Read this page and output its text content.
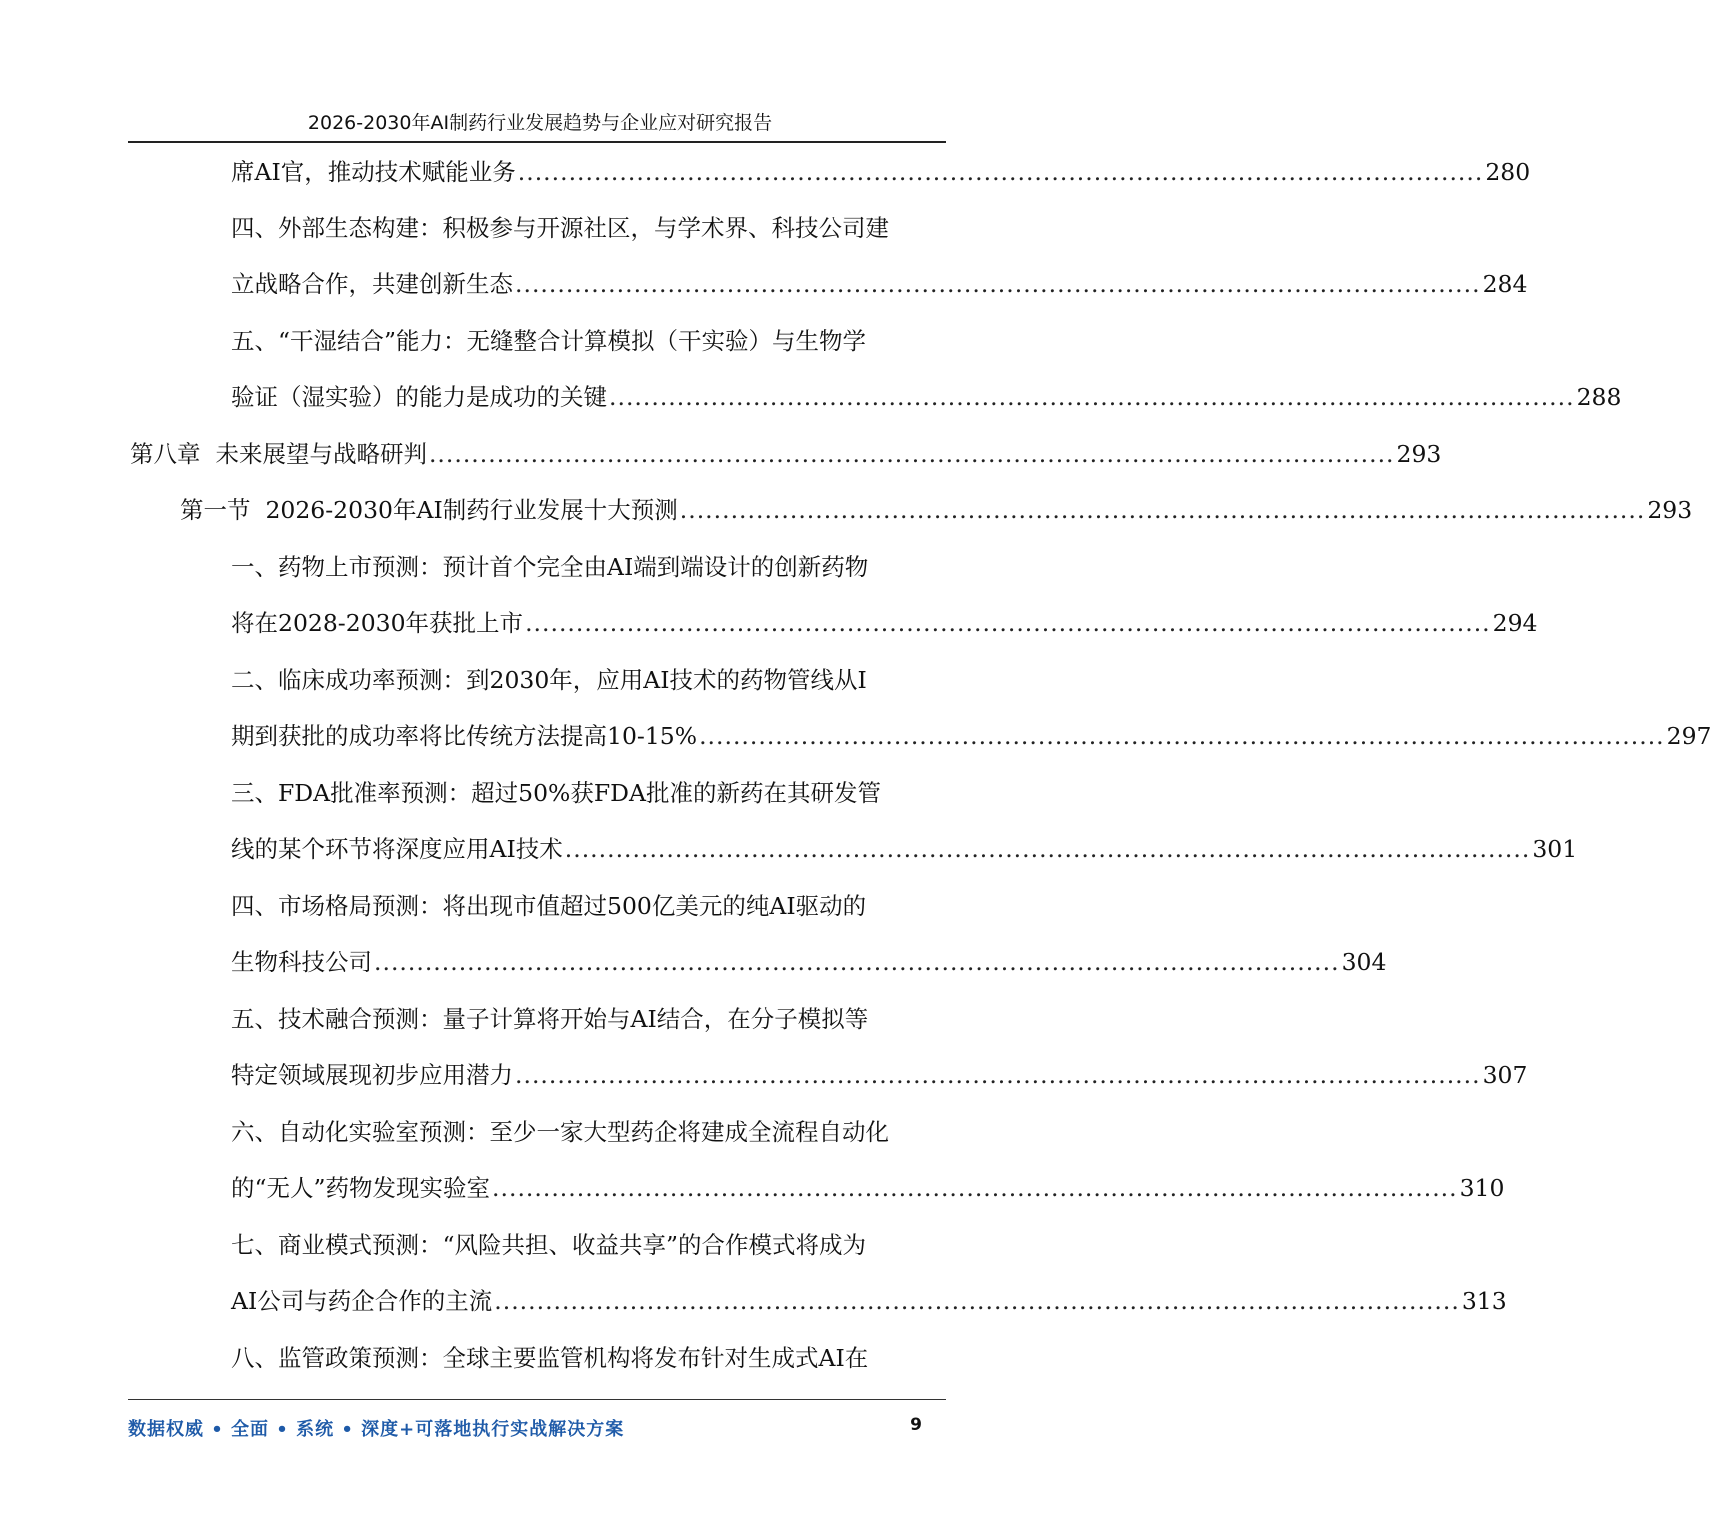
2026-2030年AI制药行业发展趋势与企业应对研究报告
席AI官，推动技术赋能业务 .................................................................................................................. 280
四、外部生态构建：积极参与开源社区，与学术界、科技公司建
立战略合作，共建创新生态 .................................................................................................................. 284
五、“干湿结合”能力：无缝整合计算模拟（干实验）与生物学
验证（湿实验）的能力是成功的关键 .................................................................................................................. 288
第八章  未来展望与战略研判 .................................................................................................................. 293
第一节  2026-2030年AI制药行业发展十大预测 .................................................................................................................. 293
一、药物上市预测：预计首个完全由AI端到端设计的创新药物
将在2028-2030年获批上市 .................................................................................................................. 294
二、临床成功率预测：到2030年，应用AI技术的药物管线从I
期到获批的成功率将比传统方法提高10-15% .................................................................................................................. 297
三、FDA批准率预测：超过50%获FDA批准的新药在其研发管
线的某个环节将深度应用AI技术 .................................................................................................................. 301
四、市场格局预测：将出现市值超过500亿美元的纯AI驱动的
生物科技公司 .................................................................................................................. 304
五、技术融合预测：量子计算将开始与AI结合，在分子模拟等
特定领域展现初步应用潜力 .................................................................................................................. 307
六、自动化实验室预测：至少一家大型药企将建成全流程自动化
的“无人”药物发现实验室 .................................................................................................................. 310
七、商业模式预测：“风险共担、收益共享”的合作模式将成为
AI公司与药企合作的主流 .................................................................................................................. 313
八、监管政策预测：全球主要监管机构将发布针对生成式AI在
数据权威 • 全面 • 系统 • 深度+可落地执行实战解决方案	9
